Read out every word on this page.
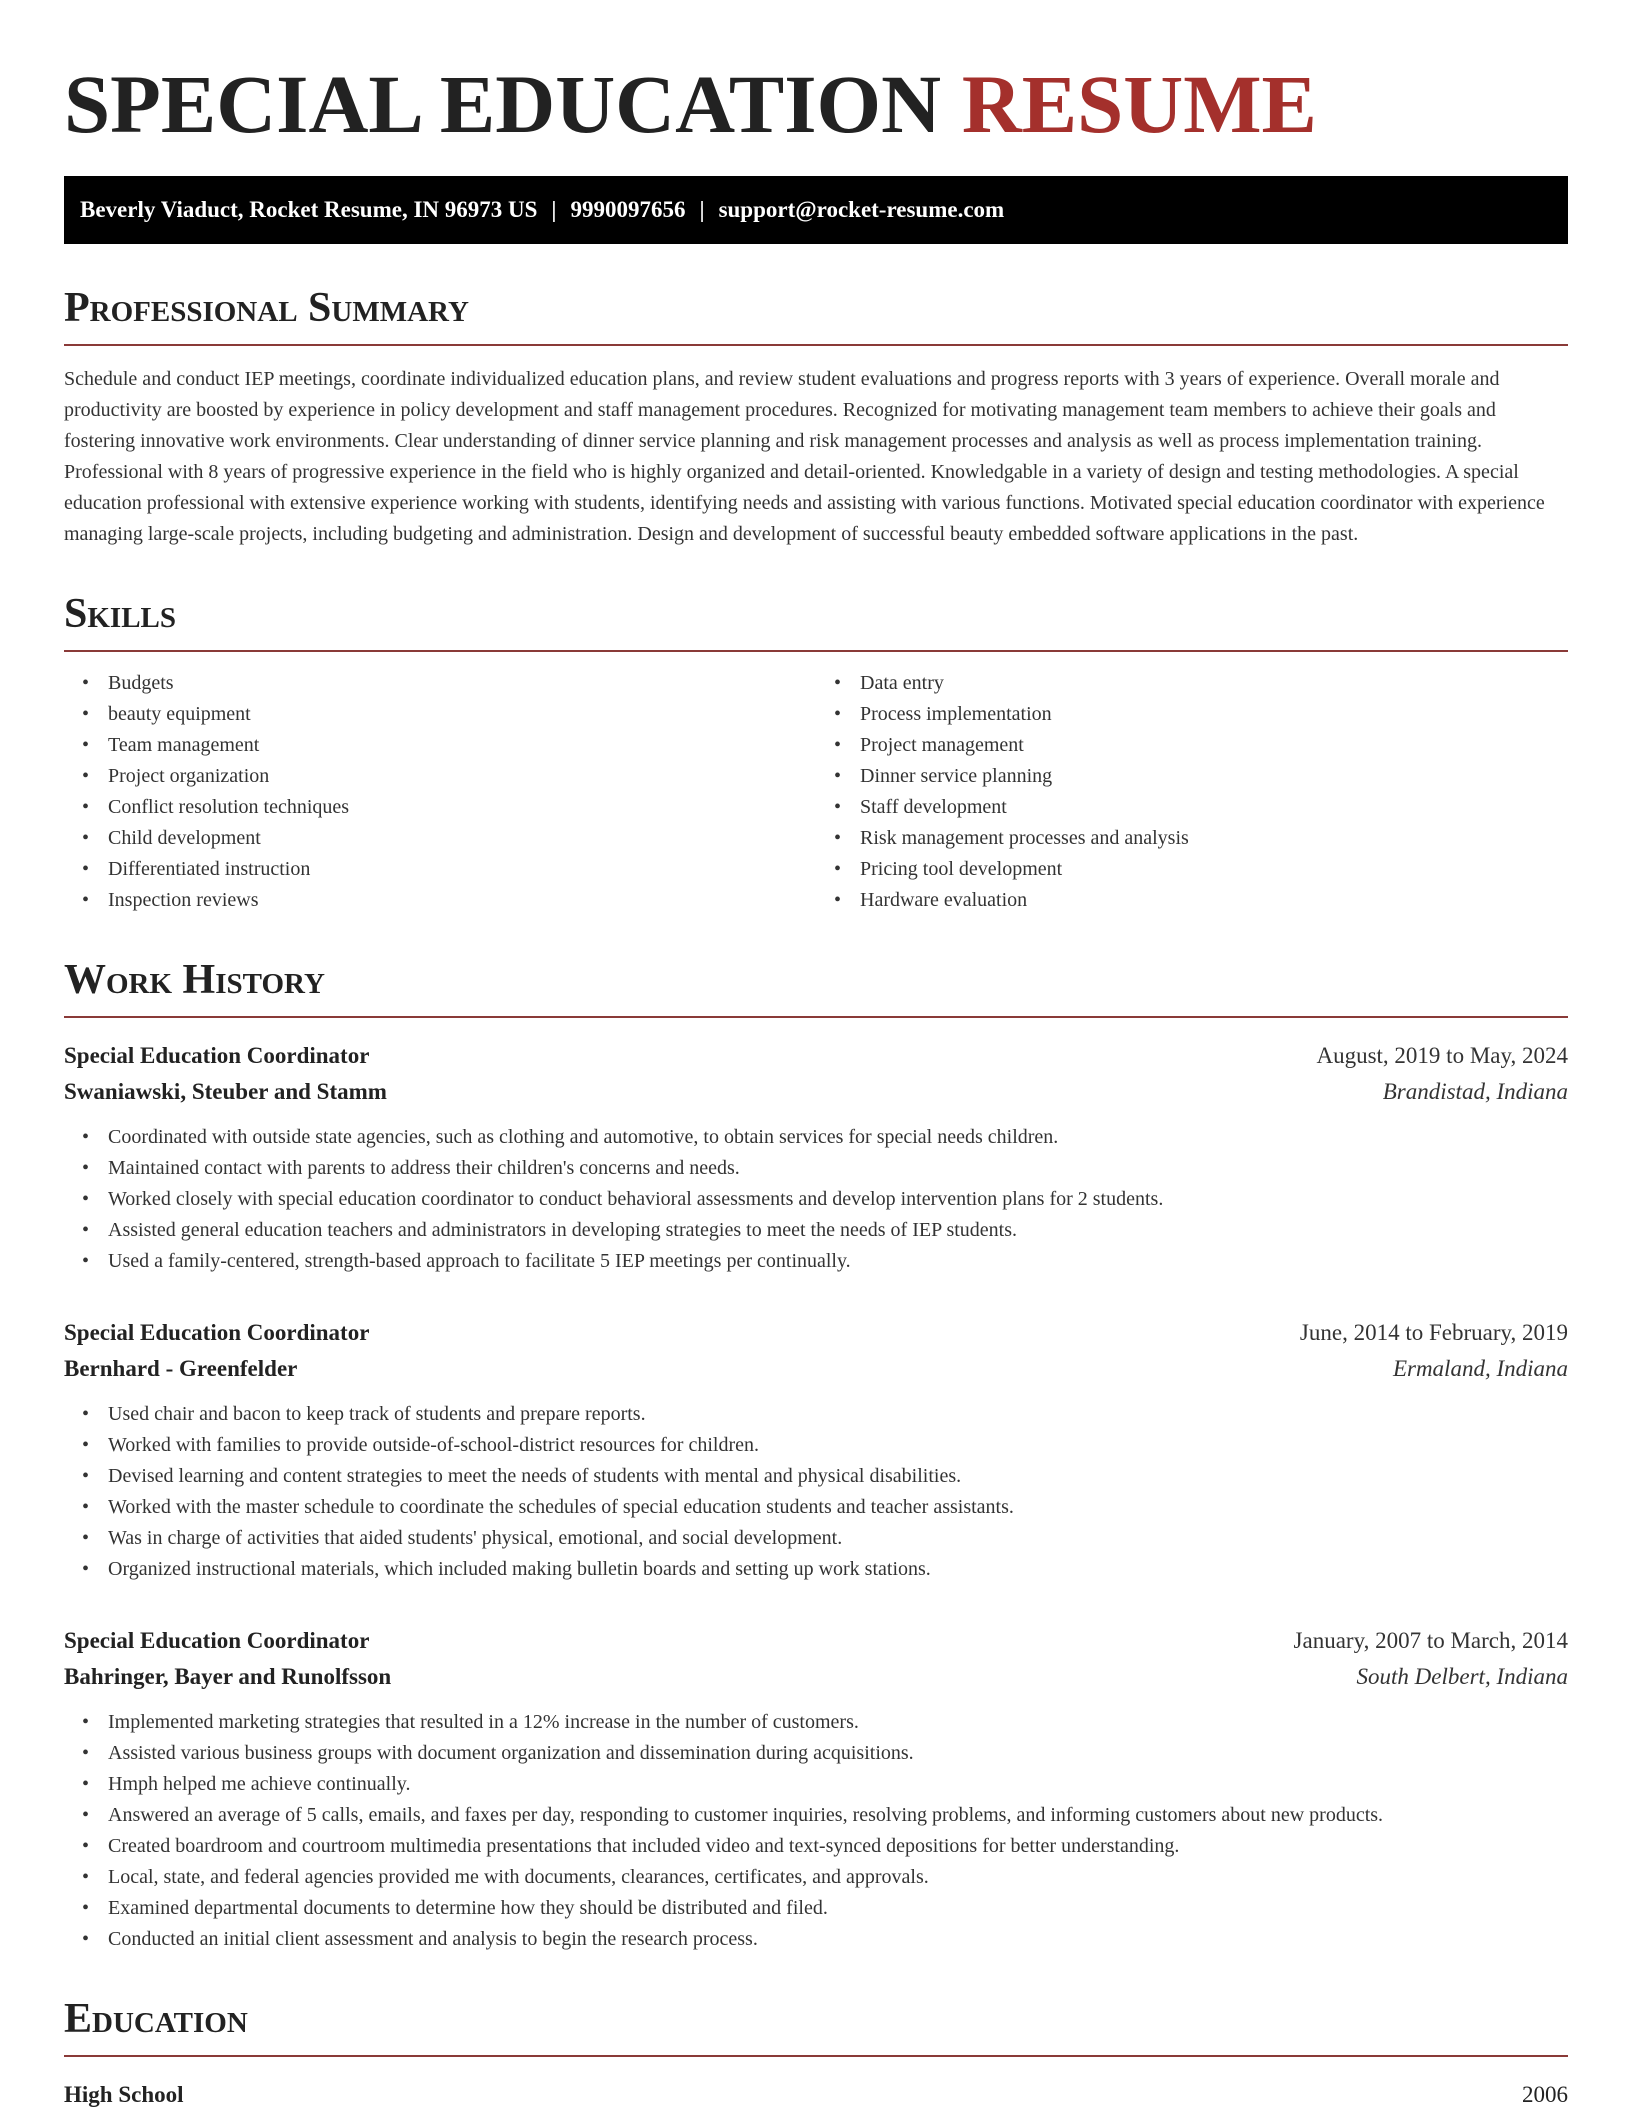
SPECIAL EDUCATION RESUME
Beverly Viaduct, Rocket Resume, IN 96973 US | 9990097656 | support@rocket-resume.com
Professional Summary

Schedule and conduct IEP meetings, coordinate individualized education plans, and review student evaluations and progress reports with 3 years of experience. Overall morale and productivity are boosted by experience in policy development and staff management procedures. Recognized for motivating management team members to achieve their goals and fostering innovative work environments. Clear understanding of dinner service planning and risk management processes and analysis as well as process implementation training. Professional with 8 years of progressive experience in the field who is highly organized and detail-oriented. Knowledgable in a variety of design and testing methodologies. A special education professional with extensive experience working with students, identifying needs and assisting with various functions. Motivated special education coordinator with experience managing large-scale projects, including budgeting and administration. Design and development of successful beauty embedded software applications in the past.

Skills
• Budgets
• beauty equipment
• Team management
• Project organization
• Conflict resolution techniques
• Child development
• Differentiated instruction
• Inspection reviews
• Data entry
• Process implementation
• Project management
• Dinner service planning
• Staff development
• Risk management processes and analysis
• Pricing tool development
• Hardware evaluation
Work History
Special Education Coordinator	August, 2019 to May, 2024
Swaniawski, Steuber and Stamm	Brandistad, Indiana
• Coordinated with outside state agencies, such as clothing and automotive, to obtain services for special needs children.
• Maintained contact with parents to address their children's concerns and needs.
• Worked closely with special education coordinator to conduct behavioral assessments and develop intervention plans for 2 students.
• Assisted general education teachers and administrators in developing strategies to meet the needs of IEP students.
• Used a family-centered, strength-based approach to facilitate 5 IEP meetings per continually.
Special Education Coordinator	June, 2014 to February, 2019
Bernhard - Greenfelder	Ermaland, Indiana
• Used chair and bacon to keep track of students and prepare reports.
• Worked with families to provide outside-of-school-district resources for children.
• Devised learning and content strategies to meet the needs of students with mental and physical disabilities.
• Worked with the master schedule to coordinate the schedules of special education students and teacher assistants.
• Was in charge of activities that aided students' physical, emotional, and social development.
• Organized instructional materials, which included making bulletin boards and setting up work stations.
Special Education Coordinator	January, 2007 to March, 2014
Bahringer, Bayer and Runolfsson	South Delbert, Indiana
• Implemented marketing strategies that resulted in a 12% increase in the number of customers.
• Assisted various business groups with document organization and dissemination during acquisitions.
• Hmph helped me achieve continually.
• Answered an average of 5 calls, emails, and faxes per day, responding to customer inquiries, resolving problems, and informing customers about new products.
• Created boardroom and courtroom multimedia presentations that included video and text-synced depositions for better understanding.
• Local, state, and federal agencies provided me with documents, clearances, certificates, and approvals.
• Examined departmental documents to determine how they should be distributed and filed.
• Conducted an initial client assessment and analysis to begin the research process.
Education
High School	2006
